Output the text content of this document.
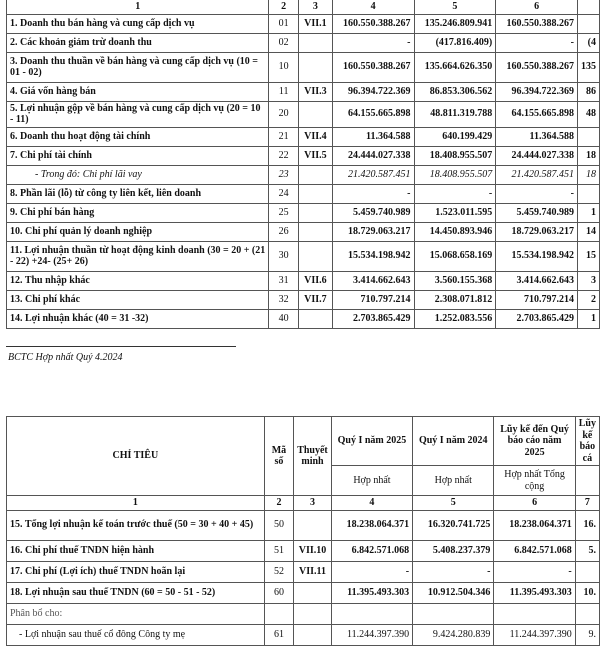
1	2	3	4	5	6	
1. Doanh thu bán hàng và cung cấp dịch vụ	01	VII.1	160.550.388.267	135.246.809.941	160.550.388.267	
2. Các khoản giảm trừ doanh thu	02		-	(417.816.409)	-	(4
3. Doanh thu thuần về bán hàng và cung cấp dịch vụ (10 = 01 - 02)	10		160.550.388.267	135.664.626.350	160.550.388.267	135
4. Giá vốn hàng bán	11	VII.3	96.394.722.369	86.853.306.562	96.394.722.369	86
5. Lợi nhuận gộp về bán hàng và cung cấp dịch vụ (20 = 10 - 11)	20		64.155.665.898	48.811.319.788	64.155.665.898	48
6. Doanh thu hoạt động tài chính	21	VII.4	11.364.588	640.199.429	11.364.588	
7. Chi phí tài chính	22	VII.5	24.444.027.338	18.408.955.507	24.444.027.338	18
- Trong đó: Chi phí lãi vay	23		21.420.587.451	18.408.955.507	21.420.587.451	18
8. Phần lãi (lỗ) từ công ty liên kết, liên doanh	24		-	-	-	
9. Chi phí bán hàng	25		5.459.740.989	1.523.011.595	5.459.740.989	1
10. Chi phí quản lý doanh nghiệp	26		18.729.063.217	14.450.893.946	18.729.063.217	14
11. Lợi nhuận thuần từ hoạt động kinh doanh (30 = 20 + (21 - 22) +24- (25+ 26)	30		15.534.198.942	15.068.658.169	15.534.198.942	15
12. Thu nhập khác	31	VII.6	3.414.662.643	3.560.155.368	3.414.662.643	3
13. Chi phí khác	32	VII.7	710.797.214	2.308.071.812	710.797.214	2
14. Lợi nhuận khác (40 = 31 -32)	40		2.703.865.429	1.252.083.556	2.703.865.429	1
BCTC Hợp nhất Quý 4.2024
CHỈ TIÊU	Mã số	Thuyết minh	Quý I năm 2025	Quý I năm 2024	Lũy kế đến Quý báo cáo năm 2025	Lũy kế báo cá
			Hợp nhất	Hợp nhất	Hợp nhất Tổng cộng	
1	2	3	4	5	6	7
15. Tổng lợi nhuận kế toán trước thuế (50 = 30 + 40 + 45)	50		18.238.064.371	16.320.741.725	18.238.064.371	16.
16. Chi phí thuế TNDN hiện hành	51	VII.10	6.842.571.068	5.408.237.379	6.842.571.068	5.
17. Chi phí (Lợi ích) thuế TNDN hoãn lại	52	VII.11	-	-	-	
18. Lợi nhuận sau thuế TNDN (60 = 50 - 51 - 52)	60		11.395.493.303	10.912.504.346	11.395.493.303	10.
Phân bổ cho:						
- Lợi nhuận sau thuế cổ đông Công ty mẹ	61		11.244.397.390	9.424.280.839	11.244.397.390	9.
